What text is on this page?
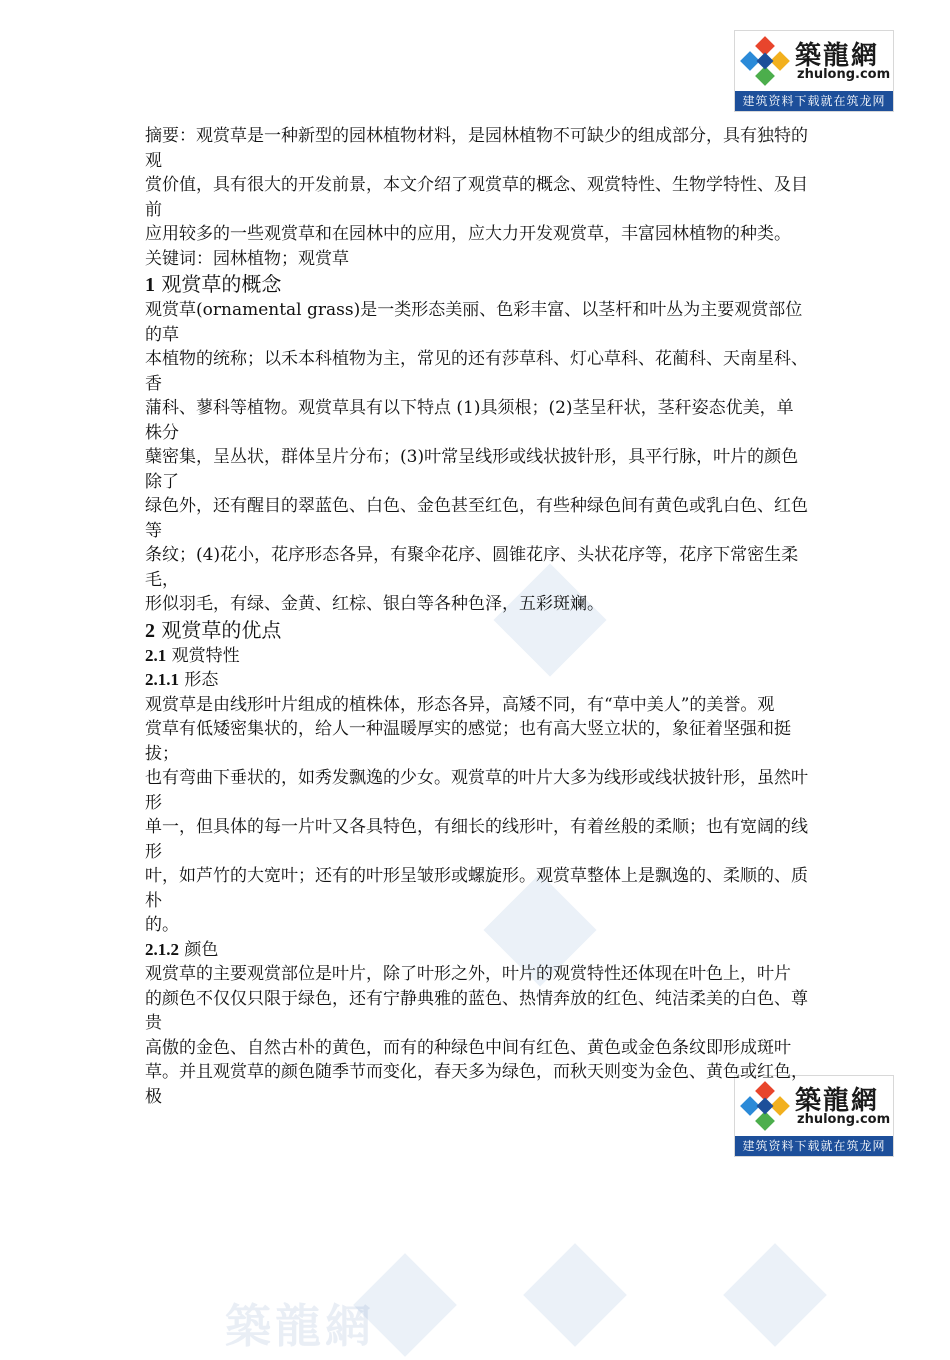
築龍網
築龍網
zhulong.com
建筑资料下载就在筑龙网
築龍網
zhulong.com
建筑资料下载就在筑龙网

摘要：观赏草是一种新型的园林植物材料，是园林植物不可缺少的组成部分，具有独特的观

赏价值，具有很大的开发前景，本文介绍了观赏草的概念、观赏特性、生物学特性、及目前

应用较多的一些观赏草和在园林中的应用，应大力开发观赏草，丰富园林植物的种类。

关键词：园林植物；观赏草

1 观赏草的概念

观赏草(ornamental grass)是一类形态美丽、色彩丰富、以茎杆和叶丛为主要观赏部位的草

本植物的统称；以禾本科植物为主，常见的还有莎草科、灯心草科、花蔺科、天南星科、香

蒲科、蓼科等植物。观赏草具有以下特点 (1)具须根；(2)茎呈秆状，茎秆姿态优美，单株分

蘖密集，呈丛状，群体呈片分布；(3)叶常呈线形或线状披针形，具平行脉，叶片的颜色除了

绿色外，还有醒目的翠蓝色、白色、金色甚至红色，有些种绿色间有黄色或乳白色、红色等

条纹；(4)花小，花序形态各异，有聚伞花序、圆锥花序、头状花序等，花序下常密生柔毛，

形似羽毛，有绿、金黄、红棕、银白等各种色泽，五彩斑斓。

2 观赏草的优点
2.1 观赏特性
2.1.1 形态

观赏草是由线形叶片组成的植株体，形态各异，高矮不同，有“草中美人”的美誉。观

赏草有低矮密集状的，给人一种温暖厚实的感觉；也有高大竖立状的，象征着坚强和挺拔；

也有弯曲下垂状的，如秀发飘逸的少女。观赏草的叶片大多为线形或线状披针形，虽然叶形

单一，但具体的每一片叶又各具特色，有细长的线形叶，有着丝般的柔顺；也有宽阔的线形

叶，如芦竹的大宽叶；还有的叶形呈皱形或螺旋形。观赏草整体上是飘逸的、柔顺的、质朴

的。

2.1.2 颜色

观赏草的主要观赏部位是叶片，除了叶形之外，叶片的观赏特性还体现在叶色上，叶片

的颜色不仅仅只限于绿色，还有宁静典雅的蓝色、热情奔放的红色、纯洁柔美的白色、尊贵

高傲的金色、自然古朴的黄色，而有的种绿色中间有红色、黄色或金色条纹即形成斑叶

草。并且观赏草的颜色随季节而变化，春天多为绿色，而秋天则变为金色、黄色或红色，极
